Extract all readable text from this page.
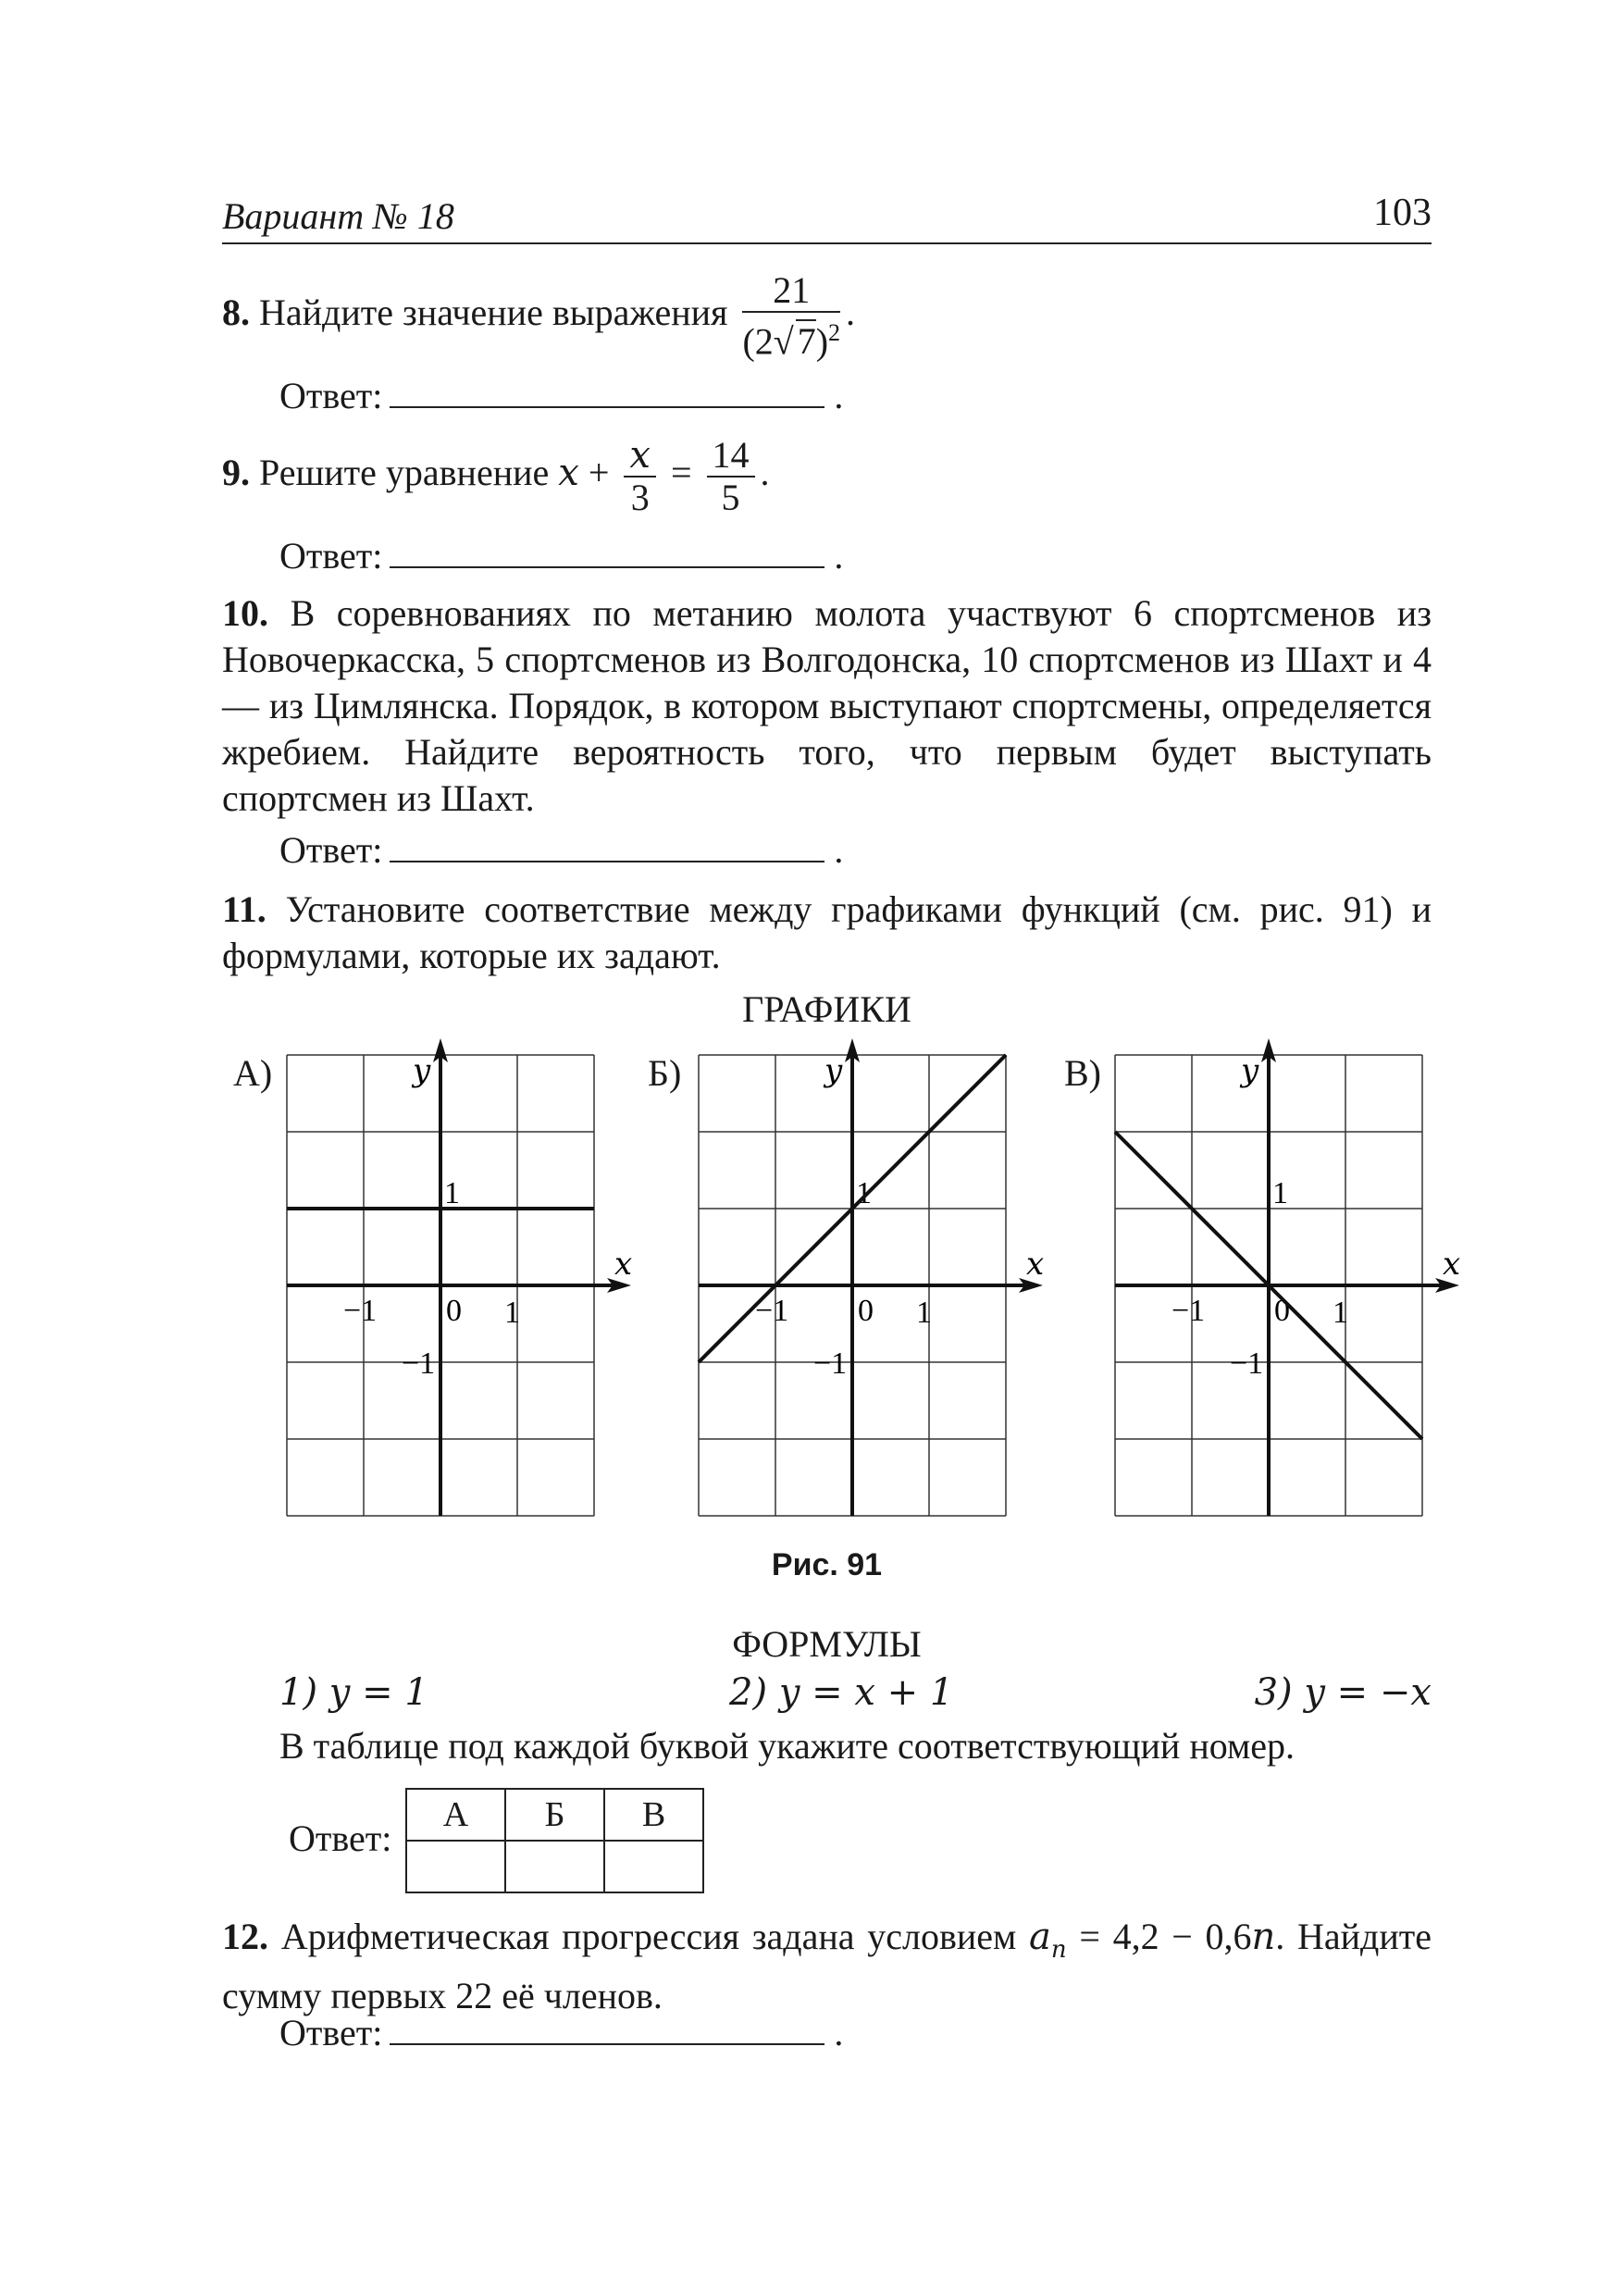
Вариант № 18	103
8. Найдите значение выражения $\frac{21}{(2√ 7)^2}$ .
Ответ:	.
9. Решите уравнение $x + \frac{x}{3} = \frac{14}{5}$ .
Ответ:	.
10. В соревнованиях по метанию молота участвуют 6 спортсменов из Новочеркасска, 5 спортсменов из Волгодонска, 10 спортсменов из Шахт и 4 — из Цимлянска. Порядок, в котором выступают спортсмены, определяется жребием. Найдите вероятность того, что первым будет выступать спортсмен из Шахт.
Ответ:	.
11. Установите соответствие между графиками функций (см. рис. 91) и формулами, которые их задают.
ГРАФИКИ
А)	Б)	В)
x
y
−1 0 1
1
−1
x
y
−1 0 1
1
−1
x
y
−1 0 1
1
−1
Рис. 91
ФОРМУЛЫ
1) y = 1	2) y = x + 1	3) y = −x
В таблице под каждой буквой укажите соответствующий номер.
Ответ:
А	Б	В

12. Арифметическая прогрессия задана условием $a_n = 4,2 - 0,6n$. Найдите сумму первых 22 её членов.
Ответ:	.
